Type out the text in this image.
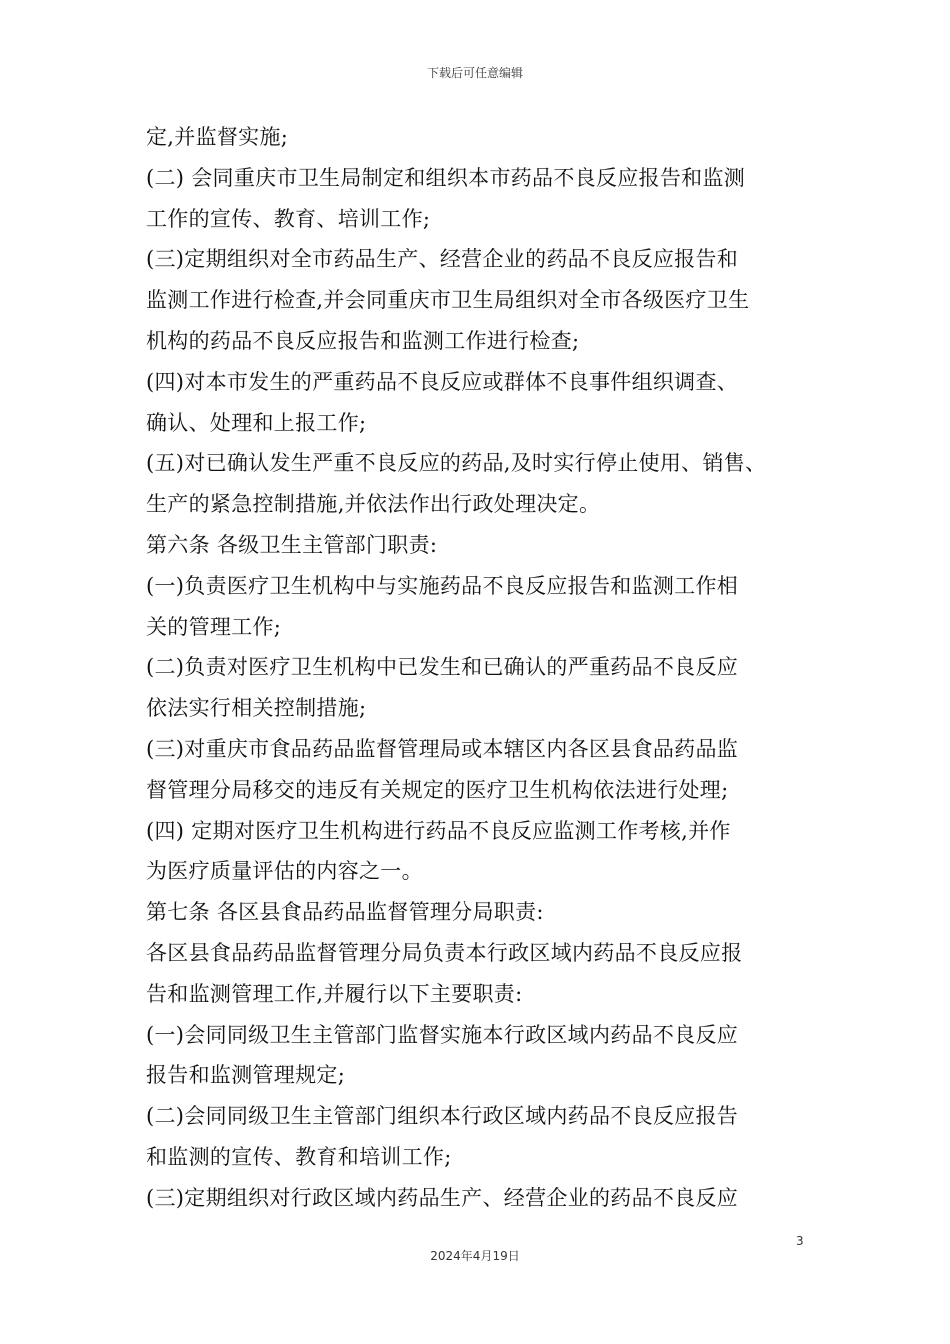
下载后可任意编辑
定,并监督实施;
(二) 会同重庆市卫生局制定和组织本市药品不良反应报告和监测
工作的宣传、教育、培训工作;
(三)定期组织对全市药品生产、经营企业的药品不良反应报告和
监测工作进行检查,并会同重庆市卫生局组织对全市各级医疗卫生
机构的药品不良反应报告和监测工作进行检查;
(四)对本市发生的严重药品不良反应或群体不良事件组织调查、
确认、处理和上报工作;
(五)对已确认发生严重不良反应的药品,及时实行停止使用、销售、
生产的紧急控制措施,并依法作出行政处理决定。
第六条 各级卫生主管部门职责:
(一)负责医疗卫生机构中与实施药品不良反应报告和监测工作相
关的管理工作;
(二)负责对医疗卫生机构中已发生和已确认的严重药品不良反应
依法实行相关控制措施;
(三)对重庆市食品药品监督管理局或本辖区内各区县食品药品监
督管理分局移交的违反有关规定的医疗卫生机构依法进行处理;
(四) 定期对医疗卫生机构进行药品不良反应监测工作考核,并作
为医疗质量评估的内容之一。
第七条 各区县食品药品监督管理分局职责:
各区县食品药品监督管理分局负责本行政区域内药品不良反应报
告和监测管理工作,并履行以下主要职责:
(一)会同同级卫生主管部门监督实施本行政区域内药品不良反应
报告和监测管理规定;
(二)会同同级卫生主管部门组织本行政区域内药品不良反应报告
和监测的宣传、教育和培训工作;
(三)定期组织对行政区域内药品生产、经营企业的药品不良反应
3
2024年4月19日
